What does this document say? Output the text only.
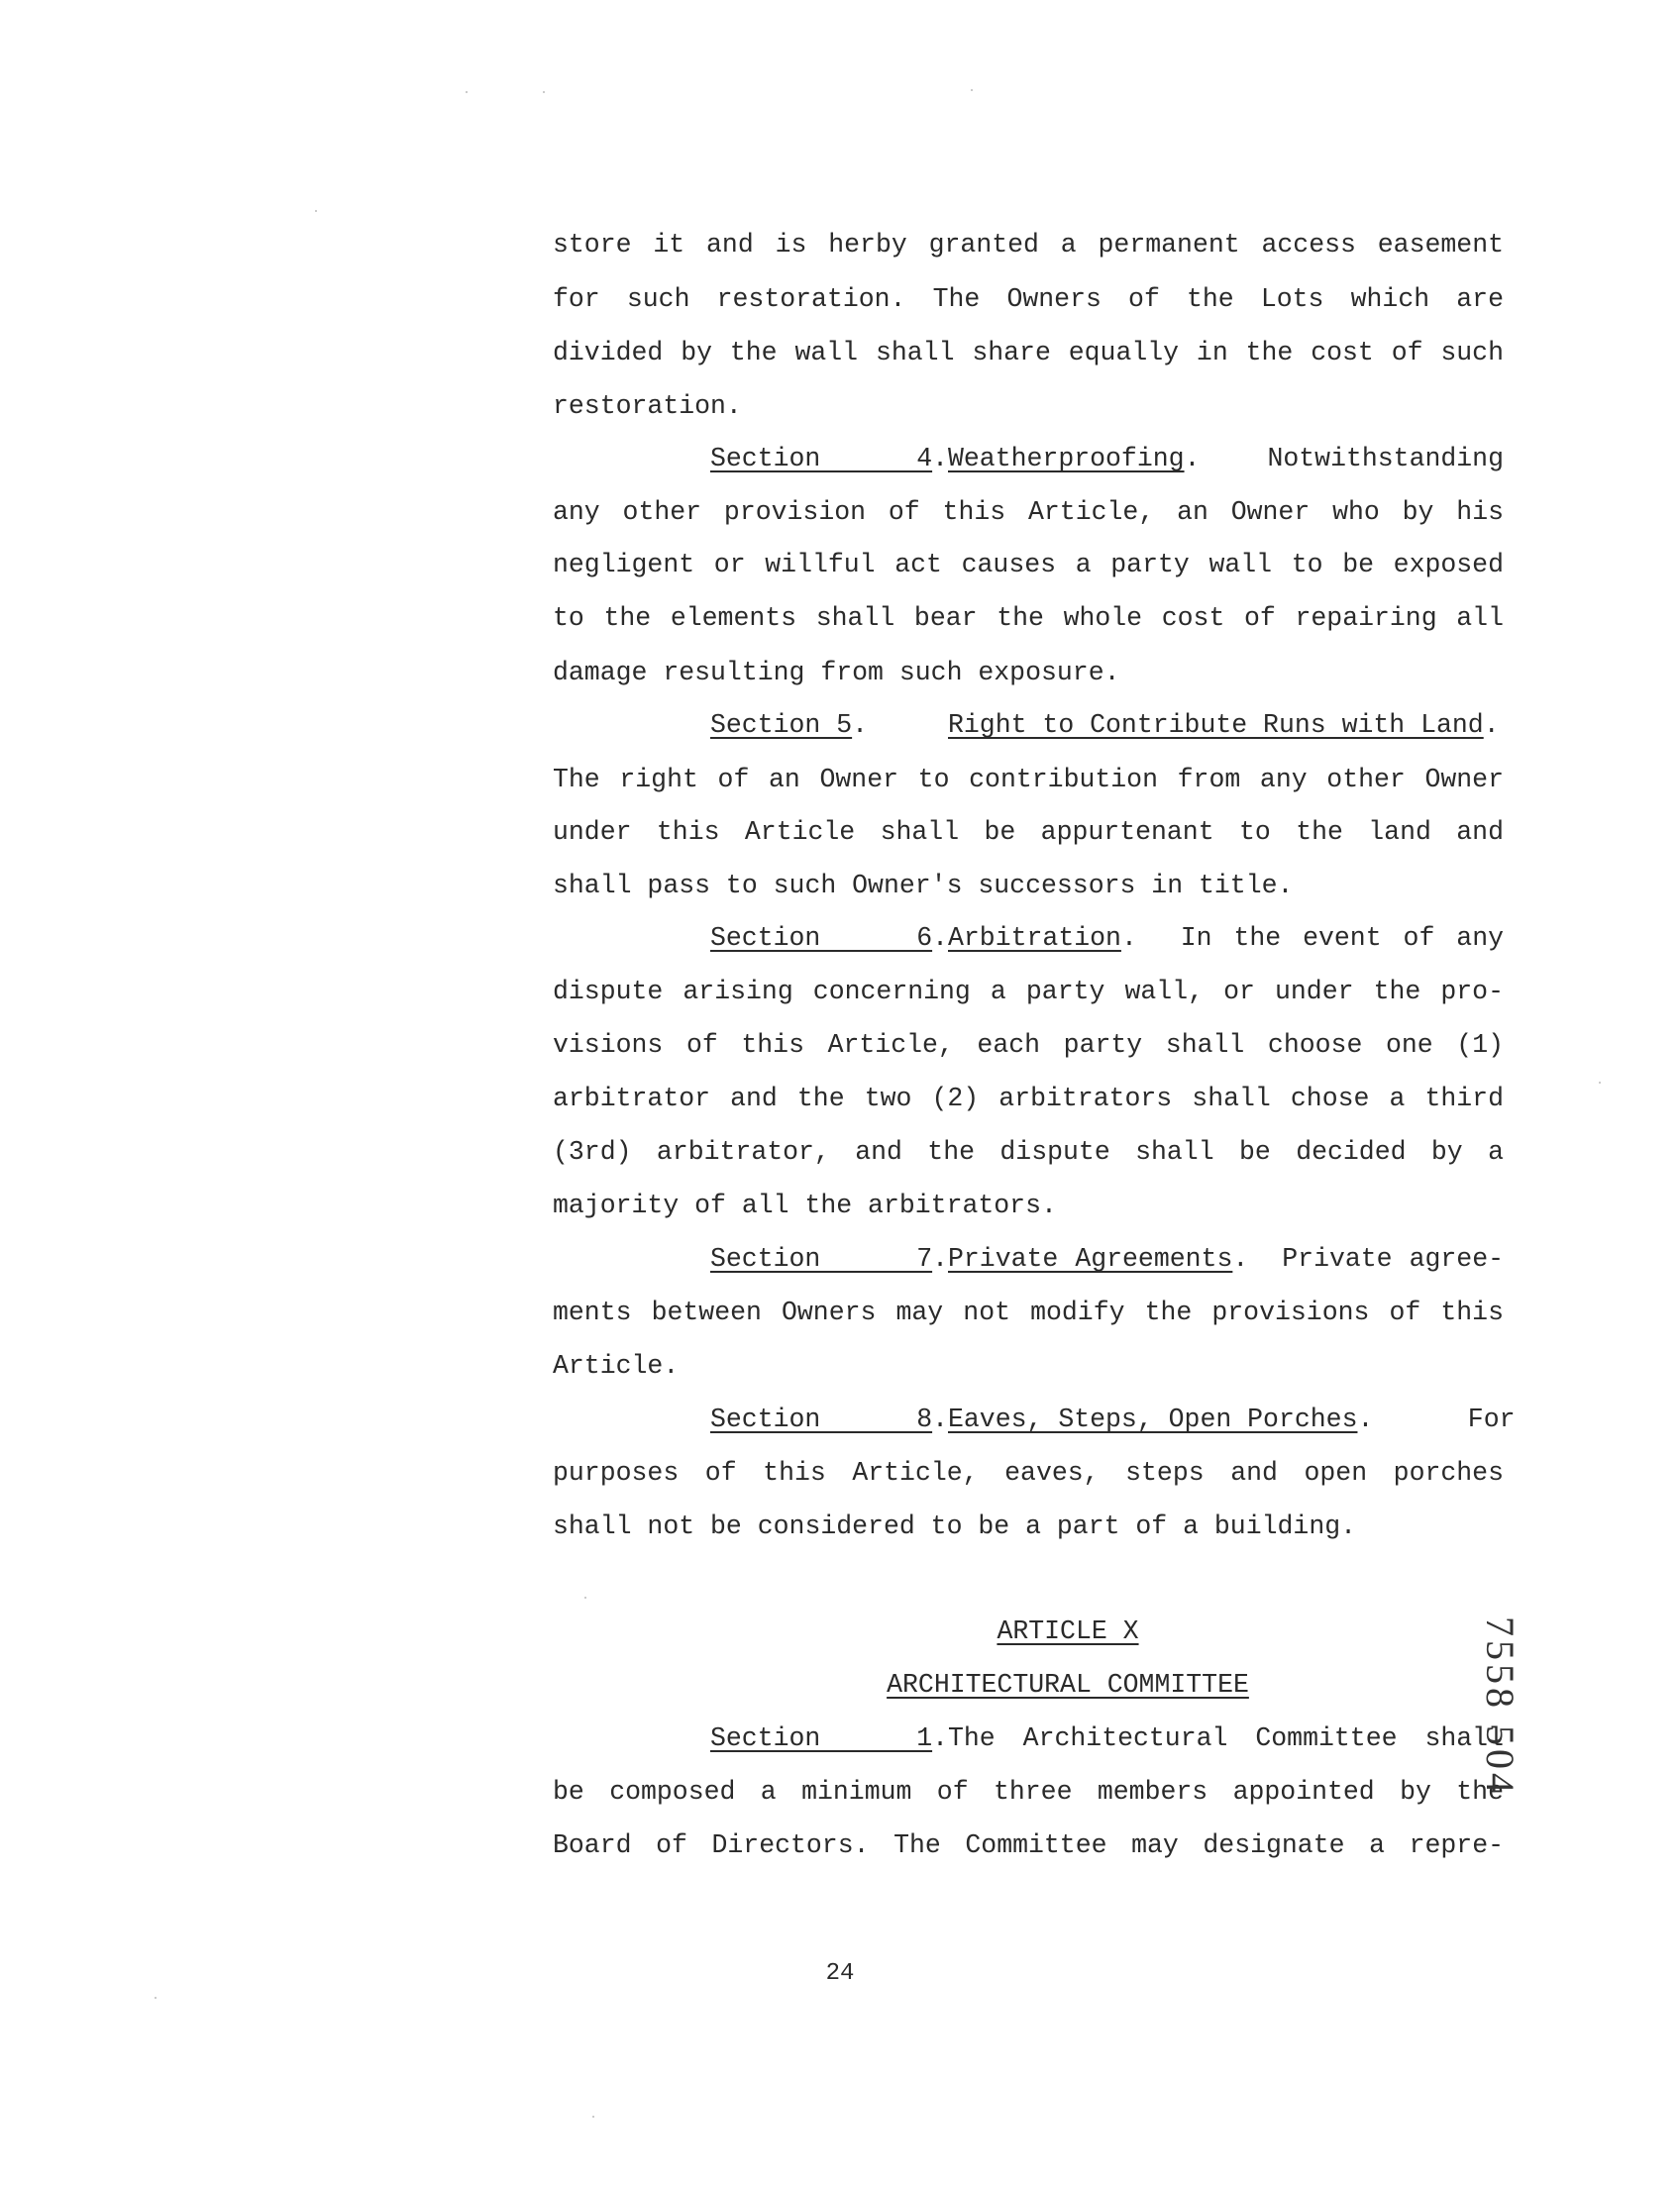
store it and is herby granted a permanent access easement
for such restoration. The Owners of the Lots which are
divided by the wall shall share equally in the cost of such
restoration.
Section 4.Weatherproofing.    Notwithstanding
any other provision of this Article, an Owner who by his
negligent or willful act causes a party wall to be exposed
to the elements shall bear the whole cost of repairing all
damage resulting from such exposure.
Section 5.	Right to Contribute Runs with Land.
The right of an Owner to contribution from any other Owner
under this Article shall be appurtenant to the land and
shall pass to such Owner's successors in title.
Section 6.Arbitration.  In the event of any
dispute arising concerning a party wall, or under the pro-
visions of this Article, each party shall choose one (1)
arbitrator and the two (2) arbitrators shall chose a third
(3rd) arbitrator, and the dispute shall be decided by a
majority of all the arbitrators.
Section 7.Private Agreements.  Private agree-
ments between Owners may not modify the provisions of this
Article.
Section 8.Eaves, Steps, Open Porches.      For
purposes of this Article, eaves, steps and open porches
shall not be considered to be a part of a building.
ARTICLE X
ARCHITECTURAL COMMITTEE
Section 1.The Architectural Committee shall
be composed a minimum of three members appointed by the
Board of Directors. The Committee may designate a repre-
24
7558 504
